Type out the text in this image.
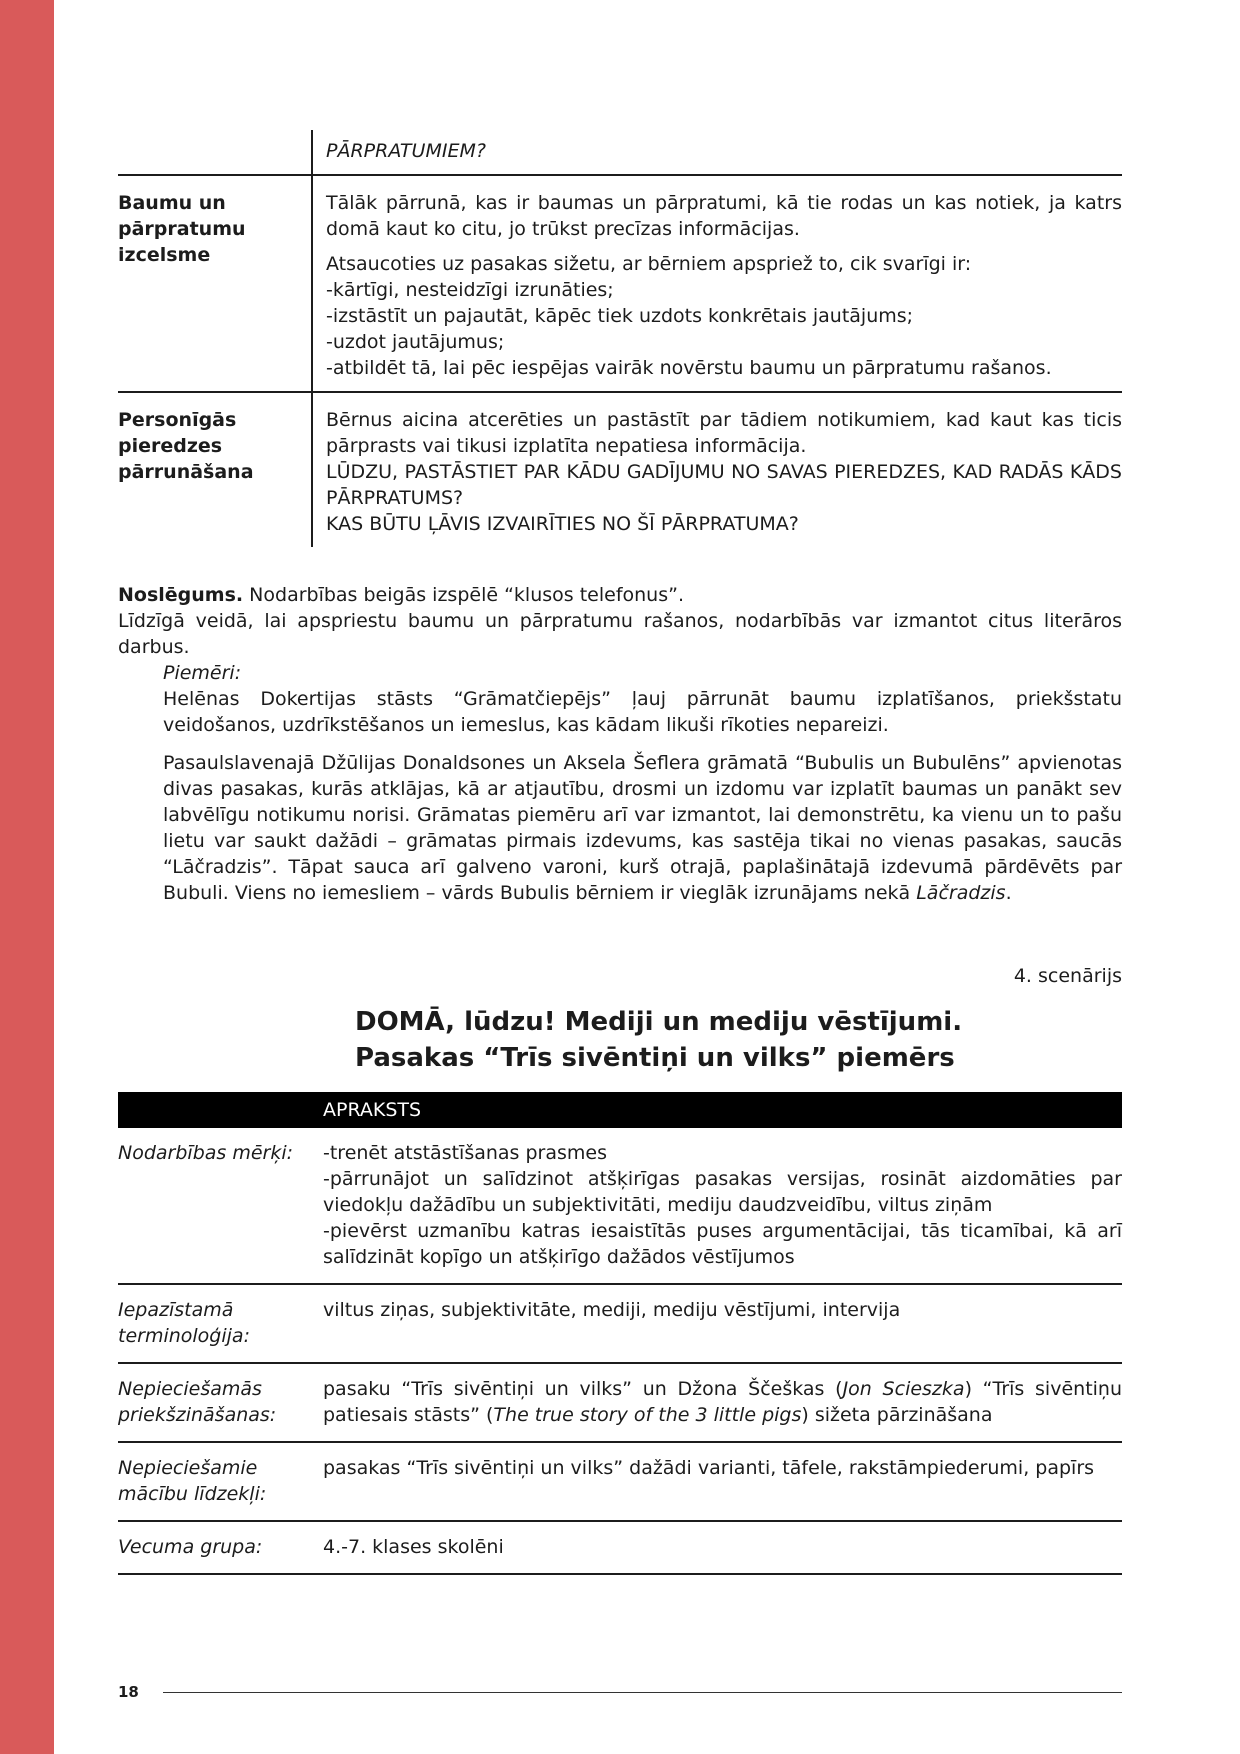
PĀRPRATUMIEM?

Baumu un pārpratumu izcelsme

Tālāk pārrunā, kas ir baumas un pārpratumi, kā tie rodas un kas notiek, ja katrs domā kaut ko citu, jo trūkst precīzas informācijas.

Atsaucoties uz pasakas sižetu, ar bērniem apspriež to, cik svarīgi ir:
-kārtīgi, nesteidzīgi izrunāties;
-izstāstīt un pajautāt, kāpēc tiek uzdots konkrētais jautājums;
-uzdot jautājumus;
-atbildēt tā, lai pēc iespējas vairāk novērstu baumu un pārpratumu rašanos.

Personīgās pieredzes pārrunāšana

Bērnus aicina atcerēties un pastāstīt par tādiem notikumiem, kad kaut kas ticis pārprasts vai tikusi izplatīta nepatiesa informācija.
LŪDZU, PASTĀSTIET PAR KĀDU GADĪJUMU NO SAVAS PIEREDZES, KAD RADĀS KĀDS PĀRPRATUMS?
KAS BŪTU ĻĀVIS IZVAIRĪTIES NO ŠĪ PĀRPRATUMA?

Noslēgums. Nodarbības beigās izspēlē “klusos telefonus”.

Līdzīgā veidā, lai apspriestu baumu un pārpratumu rašanos, nodarbībās var izmantot citus literāros darbus.

Piemēri:

Helēnas Dokertijas stāsts “Grāmatčiepējs” ļauj pārrunāt baumu izplatīšanos, priekšstatu veidošanos, uzdrīkstēšanos un iemeslus, kas kādam likuši rīkoties nepareizi.

Pasaulslavenajā Džūlijas Donaldsones un Aksela Šeflera grāmatā “Bubulis un Bubulēns” apvienotas divas pasakas, kurās atklājas, kā ar atjautību, drosmi un izdomu var izplatīt baumas un panākt sev labvēlīgu notikumu norisi. Grāmatas piemēru arī var izmantot, lai demonstrētu, ka vienu un to pašu lietu var saukt dažādi – grāmatas pirmais izdevums, kas sastēja tikai no vienas pasakas, saucās “Lāčradzis”. Tāpat sauca arī galveno varoni, kurš otrajā, paplašinātajā izdevumā pārdēvēts par Bubuli. Viens no iemesliem – vārds Bubulis bērniem ir vieglāk izrunājams nekā Lāčradzis.

4. scenārijs
DOMĀ, lūdzu! Mediji un mediju vēstījumi.
Pasakas “Trīs sivēntiņi un vilks” piemērs
APRAKSTS
Nodarbības mērķi:	-trenēt atstāstīšanas prasmes
-pārrunājot un salīdzinot atšķirīgas pasakas versijas, rosināt aizdomāties par viedokļu dažādību un subjektivitāti, mediju daudzveidību, viltus ziņām
-pievērst uzmanību katras iesaistītās puses argumentācijai, tās ticamībai, kā arī salīdzināt kopīgo un atšķirīgo dažādos vēstījumos

Iepazīstamā terminoloģija:

viltus ziņas, subjektivitāte, mediji, mediju vēstījumi, intervija

Nepieciešamās priekšzināšanas:

pasaku “Trīs sivēntiņi un vilks” un Džona Ščeškas (Jon Scieszka) “Trīs sivēntiņu patiesais stāsts” (The true story of the 3 little pigs) sižeta pārzināšana

Nepieciešamie mācību līdzekļi:

pasakas “Trīs sivēntiņi un vilks” dažādi varianti, tāfele, rakstāmpiederumi, papīrs

Vecuma grupa:	4.-7. klases skolēni

18
